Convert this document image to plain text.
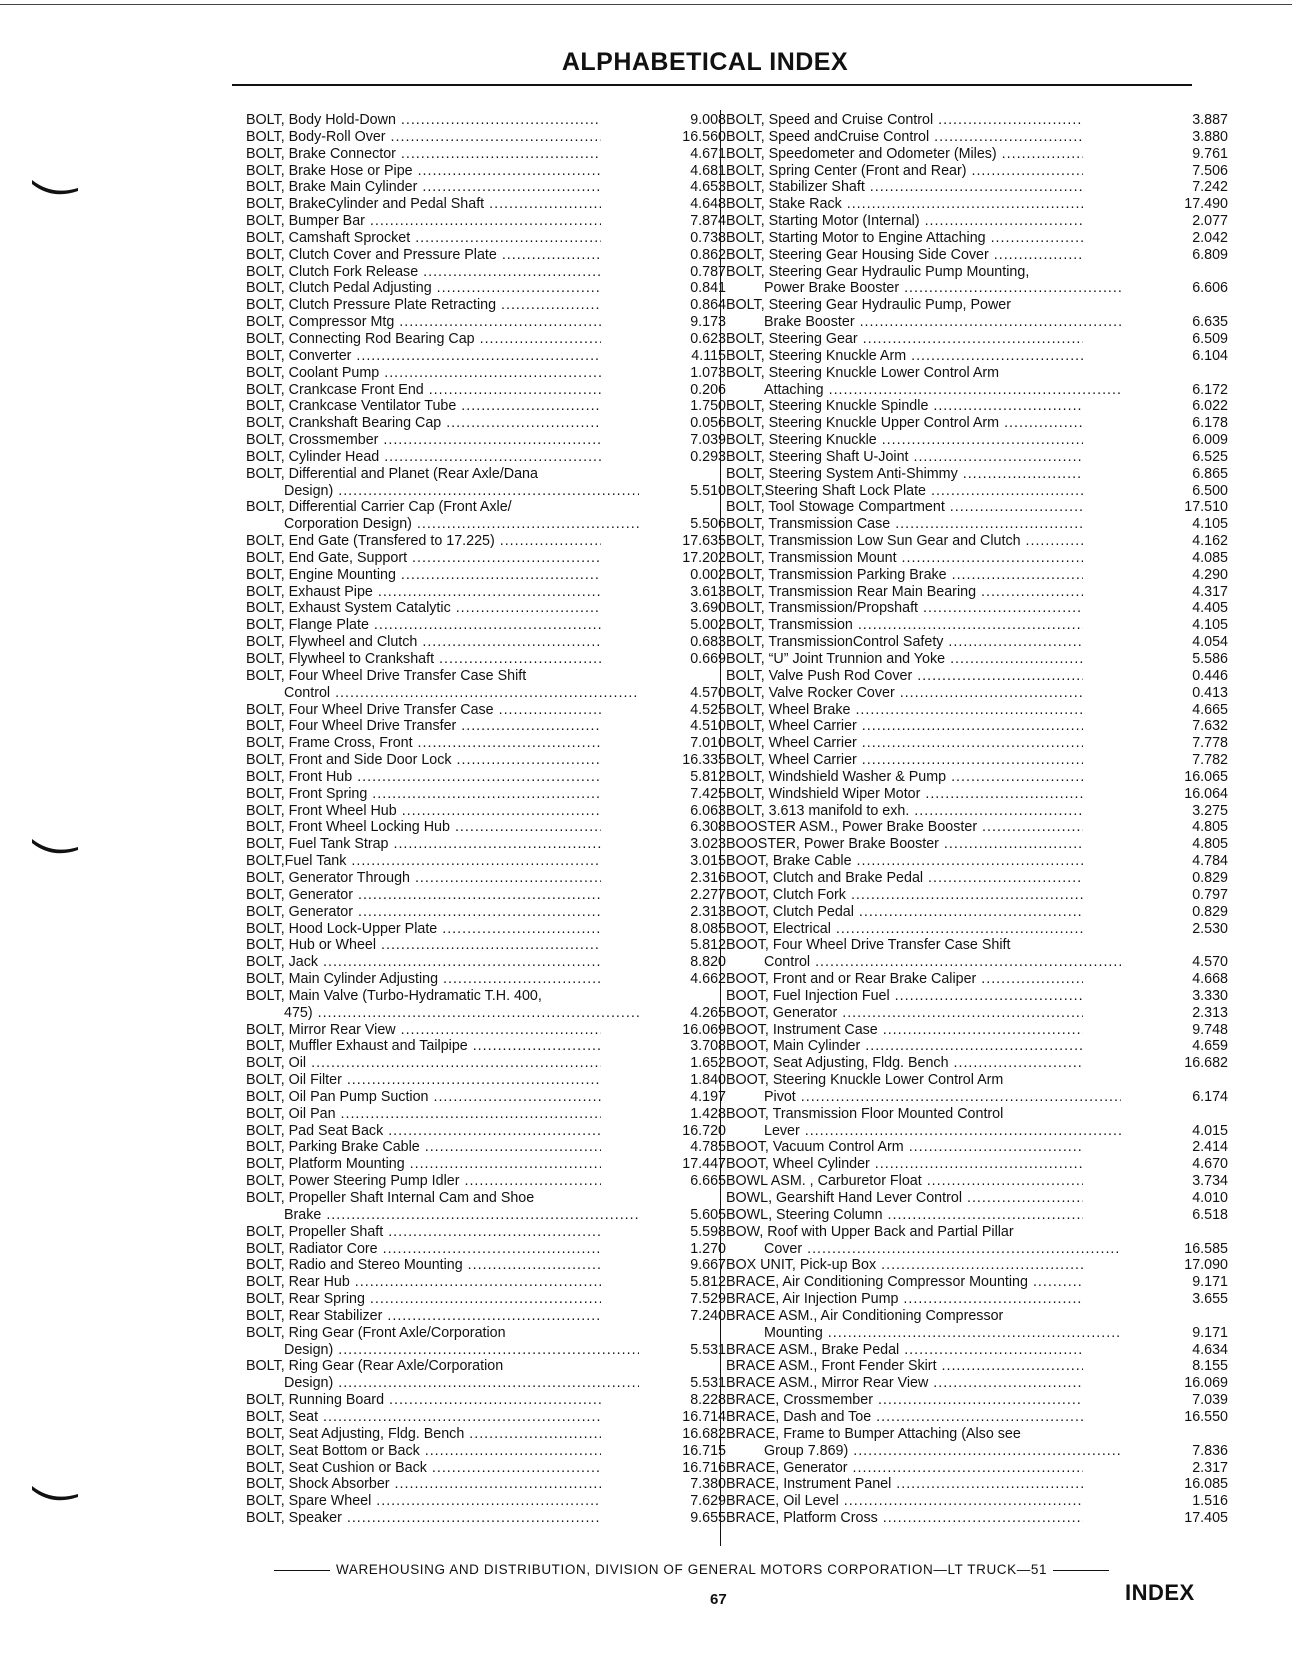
ALPHABETICAL INDEX
BOLT, Body Hold-Down .....	9.008
BOLT, Body-Roll Over .....	16.560
BOLT, Brake Connector .....	4.671
BOLT, Brake Hose or Pipe .....	4.681
BOLT, Brake Main Cylinder .....	4.653
BOLT, BrakeCylinder and Pedal Shaft .....	4.648
BOLT, Bumper Bar .....	7.874
BOLT, Camshaft Sprocket .....	0.738
BOLT, Clutch Cover and Pressure Plate .....	0.862
BOLT, Clutch Fork Release .....	0.787
BOLT, Clutch Pedal Adjusting .....	0.841
BOLT, Clutch Pressure Plate Retracting .....	0.864
BOLT, Compressor Mtg .....	9.173
BOLT, Connecting Rod Bearing Cap .....	0.623
BOLT, Converter .....	4.115
BOLT, Coolant Pump .....	1.073
BOLT, Crankcase Front End .....	0.206
BOLT, Crankcase Ventilator Tube .....	1.750
BOLT, Crankshaft Bearing Cap .....	0.056
BOLT, Crossmember .....	7.039
BOLT, Cylinder Head .....	0.293
BOLT, Differential and Planet (Rear Axle/Dana
Design) .....	5.510
BOLT, Differential Carrier Cap (Front Axle/
Corporation Design) .....	5.506
BOLT, End Gate (Transfered to 17.225) .....	17.635
BOLT, End Gate, Support .....	17.202
BOLT, Engine Mounting .....	0.002
BOLT, Exhaust Pipe .....	3.613
BOLT, Exhaust System Catalytic .....	3.690
BOLT, Flange Plate .....	5.002
BOLT, Flywheel and Clutch .....	0.683
BOLT, Flywheel to Crankshaft .....	0.669
BOLT, Four Wheel Drive Transfer Case Shift
Control .....	4.570
BOLT, Four Wheel Drive Transfer Case .....	4.525
BOLT, Four Wheel Drive Transfer .....	4.510
BOLT, Frame Cross, Front .....	7.010
BOLT, Front and Side Door Lock .....	16.335
BOLT, Front Hub .....	5.812
BOLT, Front Spring .....	7.425
BOLT, Front Wheel Hub .....	6.063
BOLT, Front Wheel Locking Hub .....	6.308
BOLT, Fuel Tank Strap .....	3.023
BOLT,Fuel Tank .....	3.015
BOLT, Generator Through .....	2.316
BOLT, Generator .....	2.277
BOLT, Generator .....	2.313
BOLT, Hood Lock-Upper Plate .....	8.085
BOLT, Hub or Wheel .....	5.812
BOLT, Jack .....	8.820
BOLT, Main Cylinder Adjusting .....	4.662
BOLT, Main Valve (Turbo-Hydramatic T.H. 400,
475) .....	4.265
BOLT, Mirror Rear View .....	16.069
BOLT, Muffler Exhaust and Tailpipe .....	3.708
BOLT, Oil .....	1.652
BOLT, Oil Filter .....	1.840
BOLT, Oil Pan Pump Suction .....	4.197
BOLT, Oil Pan .....	1.428
BOLT, Pad Seat Back .....	16.720
BOLT, Parking Brake Cable .....	4.785
BOLT, Platform Mounting .....	17.447
BOLT, Power Steering Pump Idler .....	6.665
BOLT, Propeller Shaft Internal Cam and Shoe
Brake .....	5.605
BOLT, Propeller Shaft .....	5.598
BOLT, Radiator Core .....	1.270
BOLT, Radio and Stereo Mounting .....	9.667
BOLT, Rear Hub .....	5.812
BOLT, Rear Spring .....	7.529
BOLT, Rear Stabilizer .....	7.240
BOLT, Ring Gear (Front Axle/Corporation
Design) .....	5.531
BOLT, Ring Gear (Rear Axle/Corporation
Design) .....	5.531
BOLT, Running Board .....	8.228
BOLT, Seat .....	16.714
BOLT, Seat Adjusting, Fldg. Bench .....	16.682
BOLT, Seat Bottom or Back .....	16.715
BOLT, Seat Cushion or Back .....	16.716
BOLT, Shock Absorber .....	7.380
BOLT, Spare Wheel .....	7.629
BOLT, Speaker .....	9.655
BOLT, Speed and Cruise Control .....	3.887
BOLT, Speed andCruise Control .....	3.880
BOLT, Speedometer and Odometer (Miles) .....	9.761
BOLT, Spring Center (Front and Rear) .....	7.506
BOLT, Stabilizer Shaft .....	7.242
BOLT, Stake Rack .....	17.490
BOLT, Starting Motor (Internal) .....	2.077
BOLT, Starting Motor to Engine Attaching .....	2.042
BOLT, Steering Gear Housing Side Cover .....	6.809
BOLT, Steering Gear Hydraulic Pump Mounting,
Power Brake Booster .....	6.606
BOLT, Steering Gear Hydraulic Pump, Power
Brake Booster .....	6.635
BOLT, Steering Gear .....	6.509
BOLT, Steering Knuckle Arm .....	6.104
BOLT, Steering Knuckle Lower Control Arm
Attaching .....	6.172
BOLT, Steering Knuckle Spindle .....	6.022
BOLT, Steering Knuckle Upper Control Arm .....	6.178
BOLT, Steering Knuckle .....	6.009
BOLT, Steering Shaft U-Joint .....	6.525
BOLT, Steering System Anti-Shimmy .....	6.865
BOLT,Steering Shaft Lock Plate .....	6.500
BOLT, Tool Stowage Compartment .....	17.510
BOLT, Transmission Case .....	4.105
BOLT, Transmission Low Sun Gear and Clutch .....	4.162
BOLT, Transmission Mount .....	4.085
BOLT, Transmission Parking Brake .....	4.290
BOLT, Transmission Rear Main Bearing .....	4.317
BOLT, Transmission/Propshaft .....	4.405
BOLT, Transmission .....	4.105
BOLT, TransmissionControl Safety .....	4.054
BOLT, “U” Joint Trunnion and Yoke .....	5.586
BOLT, Valve Push Rod Cover .....	0.446
BOLT, Valve Rocker Cover .....	0.413
BOLT, Wheel Brake .....	4.665
BOLT, Wheel Carrier .....	7.632
BOLT, Wheel Carrier .....	7.778
BOLT, Wheel Carrier .....	7.782
BOLT, Windshield Washer & Pump .....	16.065
BOLT, Windshield Wiper Motor .....	16.064
BOLT, 3.613 manifold to exh. .....	3.275
BOOSTER ASM., Power Brake Booster .....	4.805
BOOSTER, Power Brake Booster .....	4.805
BOOT, Brake Cable .....	4.784
BOOT, Clutch and Brake Pedal .....	0.829
BOOT, Clutch Fork .....	0.797
BOOT, Clutch Pedal .....	0.829
BOOT, Electrical .....	2.530
BOOT, Four Wheel Drive Transfer Case Shift
Control .....	4.570
BOOT, Front and or Rear Brake Caliper .....	4.668
BOOT, Fuel Injection Fuel .....	3.330
BOOT, Generator .....	2.313
BOOT, Instrument Case .....	9.748
BOOT, Main Cylinder .....	4.659
BOOT, Seat Adjusting, Fldg. Bench .....	16.682
BOOT, Steering Knuckle Lower Control Arm
Pivot .....	6.174
BOOT, Transmission Floor Mounted Control
Lever .....	4.015
BOOT, Vacuum Control Arm .....	2.414
BOOT, Wheel Cylinder .....	4.670
BOWL ASM. , Carburetor Float .....	3.734
BOWL, Gearshift Hand Lever Control .....	4.010
BOWL, Steering Column .....	6.518
BOW, Roof with Upper Back and Partial Pillar
Cover .....	16.585
BOX UNIT, Pick-up Box .....	17.090
BRACE, Air Conditioning Compressor Mounting .....	9.171
BRACE, Air Injection Pump .....	3.655
BRACE ASM., Air Conditioning Compressor
Mounting .....	9.171
BRACE ASM., Brake Pedal .....	4.634
BRACE ASM., Front Fender Skirt .....	8.155
BRACE ASM., Mirror Rear View .....	16.069
BRACE, Crossmember .....	7.039
BRACE, Dash and Toe .....	16.550
BRACE, Frame to Bumper Attaching (Also see
Group 7.869) .....	7.836
BRACE, Generator .....	2.317
BRACE, Instrument Panel .....	16.085
BRACE, Oil Level .....	1.516
BRACE, Platform Cross .....	17.405
WAREHOUSING AND DISTRIBUTION, DIVISION OF GENERAL MOTORS CORPORATION—LT TRUCK—51
67	INDEX
